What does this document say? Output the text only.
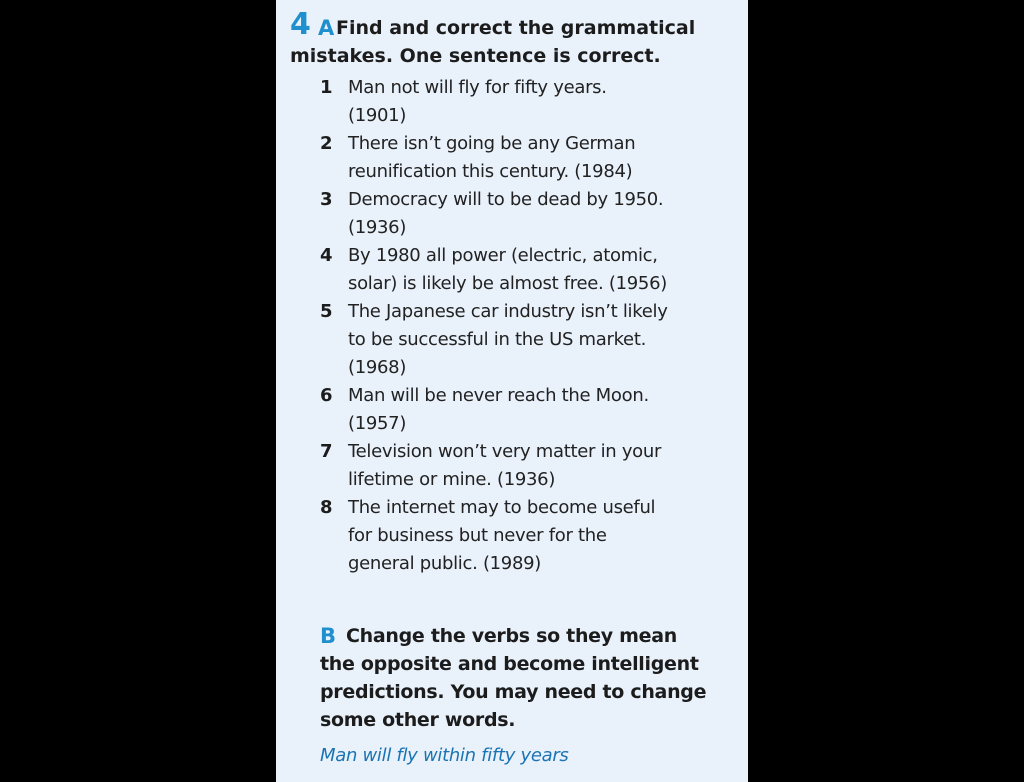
4 A Find and correct the grammatical
mistakes. One sentence is correct.

1 Man not will fly for fifty years.
(1901)
2 There isn’t going be any German
reunification this century. (1984)
3 Democracy will to be dead by 1950.
(1936)
4 By 1980 all power (electric, atomic,
solar) is likely be almost free. (1956)
5 The Japanese car industry isn’t likely
to be successful in the US market.
(1968)
6 Man will be never reach the Moon.
(1957)
7 Television won’t very matter in your
lifetime or mine. (1936)
8 The internet may to become useful
for business but never for the
general public. (1989)
B Change the verbs so they mean
the opposite and become intelligent
predictions. You may need to change
some other words.

Man will fly within fifty years
